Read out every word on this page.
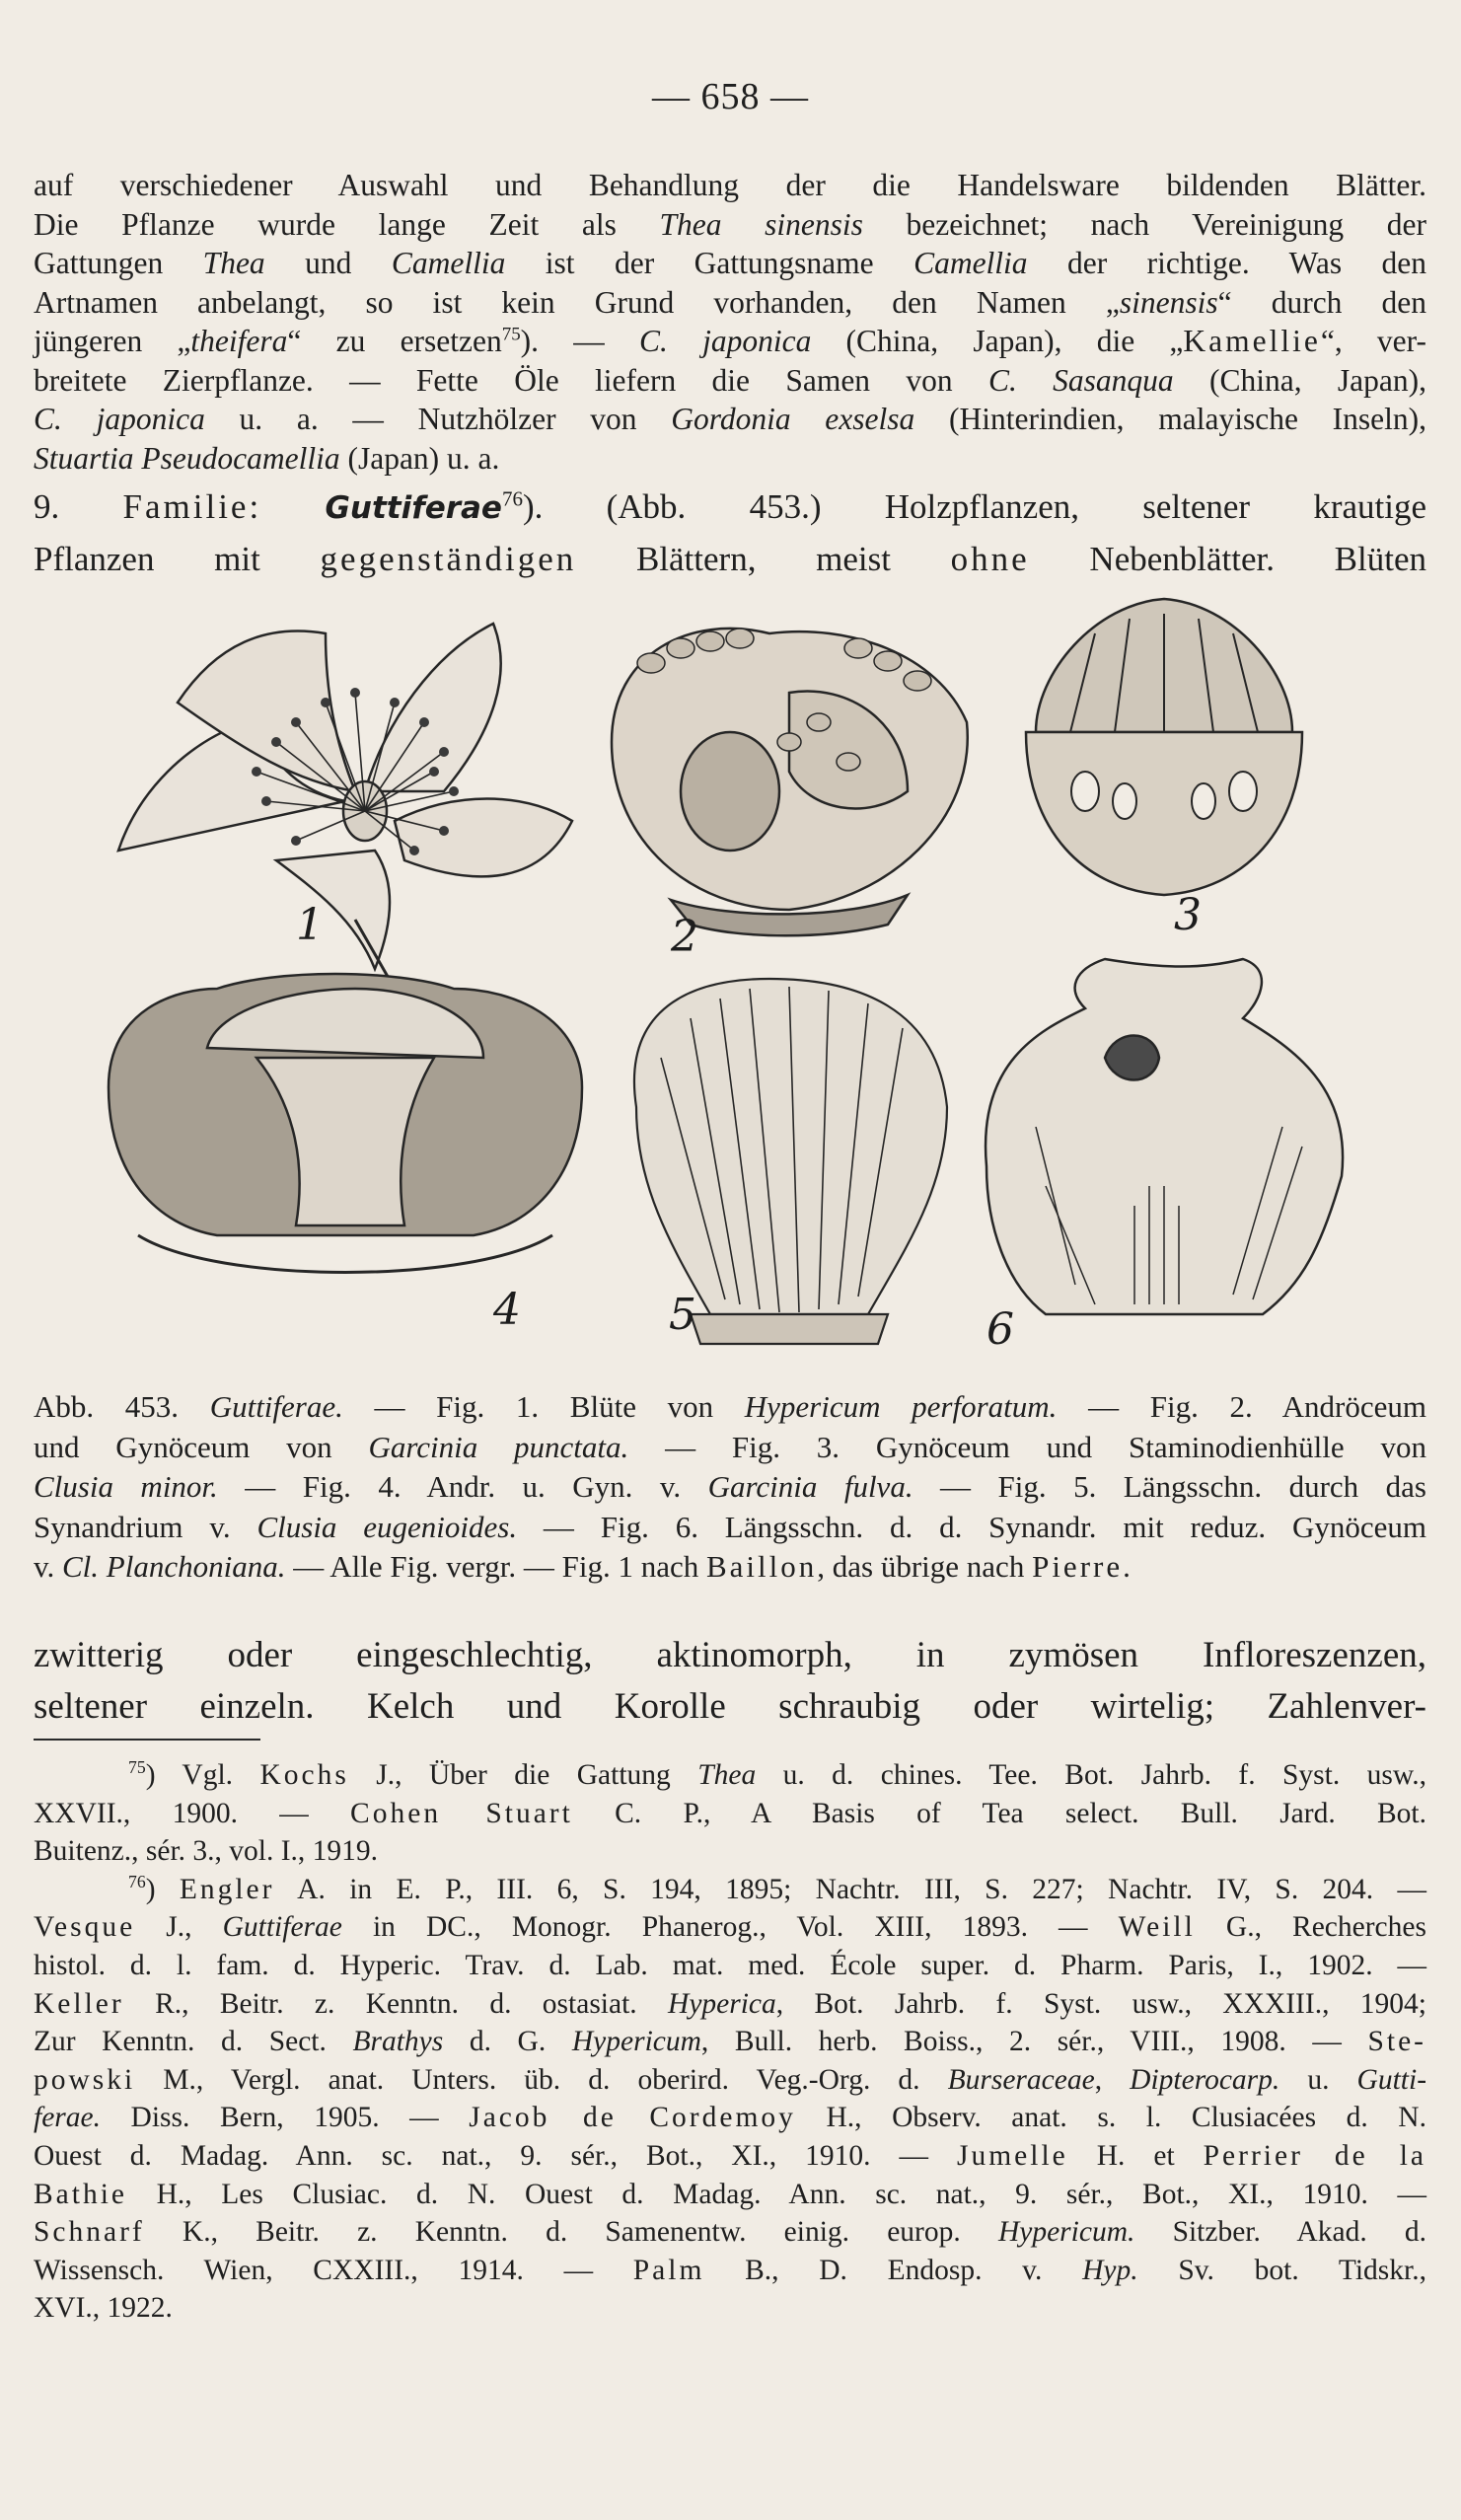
— 658 —
auf verschiedener Auswahl und Behandlung der die Handelsware bildenden Blätter.
Die Pflanze wurde lange Zeit als Thea sinensis bezeichnet; nach Vereinigung der
Gattungen Thea und Camellia ist der Gattungsname Camellia der richtige. Was den
Artnamen anbelangt, so ist kein Grund vorhanden, den Namen „sinensis“ durch den
jüngeren „theifera“ zu ersetzen$^{75}$). — C. japonica (China, Japan), die „Kamellie“, ver-
breitete Zierpflanze. — Fette Öle liefern die Samen von C. Sasanqua (China, Japan),
C. japonica u. a. — Nutzhölzer von Gordonia exselsa (Hinterindien, malayische Inseln),
Stuartia Pseudocamellia (Japan) u. a.
9. Familie: Guttiferae$^{76}$). (Abb. 453.) Holzpflanzen, seltener krautige
Pflanzen mit gegenständigen Blättern, meist ohne Nebenblätter. Blüten
1	2	3
4	5	6
Abb. 453. Guttiferae. — Fig. 1. Blüte von Hypericum perforatum. — Fig. 2. Andröceum
und Gynöceum von Garcinia punctata. — Fig. 3. Gynöceum und Staminodienhülle von
Clusia minor. — Fig. 4. Andr. u. Gyn. v. Garcinia fulva. — Fig. 5. Längsschn. durch das
Synandrium v. Clusia eugenioides. — Fig. 6. Längsschn. d. d. Synandr. mit reduz. Gynöceum
v. Cl. Planchoniana. — Alle Fig. vergr. — Fig. 1 nach Baillon, das übrige nach Pierre.
zwitterig oder eingeschlechtig, aktinomorph, in zymösen Infloreszenzen,
seltener einzeln. Kelch und Korolle schraubig oder wirtelig; Zahlenver-
$^{75}$) Vgl. Kochs J., Über die Gattung Thea u. d. chines. Tee. Bot. Jahrb. f. Syst. usw.,
XXVII., 1900. — Cohen Stuart C. P., A Basis of Tea select. Bull. Jard. Bot.
Buitenz., sér. 3., vol. I., 1919.
$^{76}$) Engler A. in E. P., III. 6, S. 194, 1895; Nachtr. III, S. 227; Nachtr. IV, S. 204. —
Vesque J., Guttiferae in DC., Monogr. Phanerog., Vol. XIII, 1893. — Weill G., Recherches
histol. d. l. fam. d. Hyperic. Trav. d. Lab. mat. med. École super. d. Pharm. Paris, I., 1902. —
Keller R., Beitr. z. Kenntn. d. ostasiat. Hyperica, Bot. Jahrb. f. Syst. usw., XXXIII., 1904;
Zur Kenntn. d. Sect. Brathys d. G. Hypericum, Bull. herb. Boiss., 2. sér., VIII., 1908. — Ste-
powski M., Vergl. anat. Unters. üb. d. oberird. Veg.-Org. d. Burseraceae, Dipterocarp. u. Gutti-
ferae. Diss. Bern, 1905. — Jacob de Cordemoy H., Observ. anat. s. l. Clusiacées d. N.
Ouest d. Madag. Ann. sc. nat., 9. sér., Bot., XI., 1910. — Jumelle H. et Perrier de la
Bathie H., Les Clusiac. d. N. Ouest d. Madag. Ann. sc. nat., 9. sér., Bot., XI., 1910. —
Schnarf K., Beitr. z. Kenntn. d. Samenentw. einig. europ. Hypericum. Sitzber. Akad. d.
Wissensch. Wien, CXXIII., 1914. — Palm B., D. Endosp. v. Hyp. Sv. bot. Tidskr.,
XVI., 1922.
